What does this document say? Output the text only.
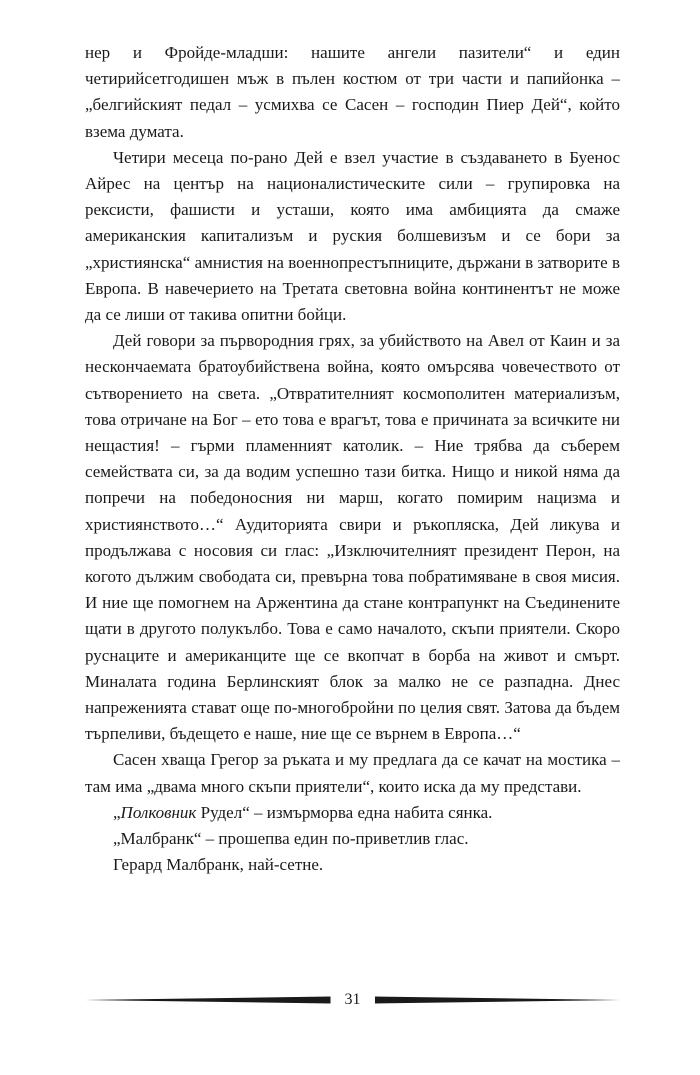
нер и Фройде-младши: нашите ангели пазители“ и един четирийсетгодишен мъж в пълен костюм от три части и папийонка – „белгийският педал – усмихва се Сасен – господин Пиер Дей“, който взема думата.

Четири месеца по-рано Дей е взел участие в създаването в Буенос Айрес на център на националистическите сили – групировка на рексисти, фашисти и усташи, която има амбицията да смаже американския капитализъм и руския болшевизъм и се бори за „християнска“ амнистия на военнопрестъпниците, държани в затворите в Европа. В навечерието на Третата световна война континентът не може да се лиши от такива опитни бойци.

Дей говори за първородния грях, за убийството на Авел от Каин и за нескончаемата братоубийствена война, която омърсява човечеството от сътворението на света. „Отвратителният космополитен материализъм, това отричане на Бог – ето това е врагът, това е причината за всичките ни нещастия! – гърми пламенният католик. – Ние трябва да съберем семействата си, за да водим успешно тази битка. Нищо и никой няма да попречи на победоносния ни марш, когато помирим нацизма и християнството…“ Аудиторията свири и ръкопляска, Дей ликува и продължава с носовия си глас: „Изключителният президент Перон, на когото дължим свободата си, превърна това побратимяване в своя мисия. И ние ще помогнем на Аржентина да стане контрапункт на Съединените щати в другото полукълбо. Това е само началото, скъпи приятели. Скоро руснаците и американците ще се вкопчат в борба на живот и смърт. Миналата година Берлинският блок за малко не се разпадна. Днес напреженията стават още по-многобройни по целия свят. Затова да бъдем търпеливи, бъдещето е наше, ние ще се върнем в Европа…“

Сасен хваща Грегор за ръката и му предлага да се качат на мостика – там има „двама много скъпи приятели“, които иска да му представи.

„Полковник Рудел“ – измърморва една набита сянка.

„Малбранк“ – прошепва един по-приветлив глас.

Герард Малбранк, най-сетне.

31
